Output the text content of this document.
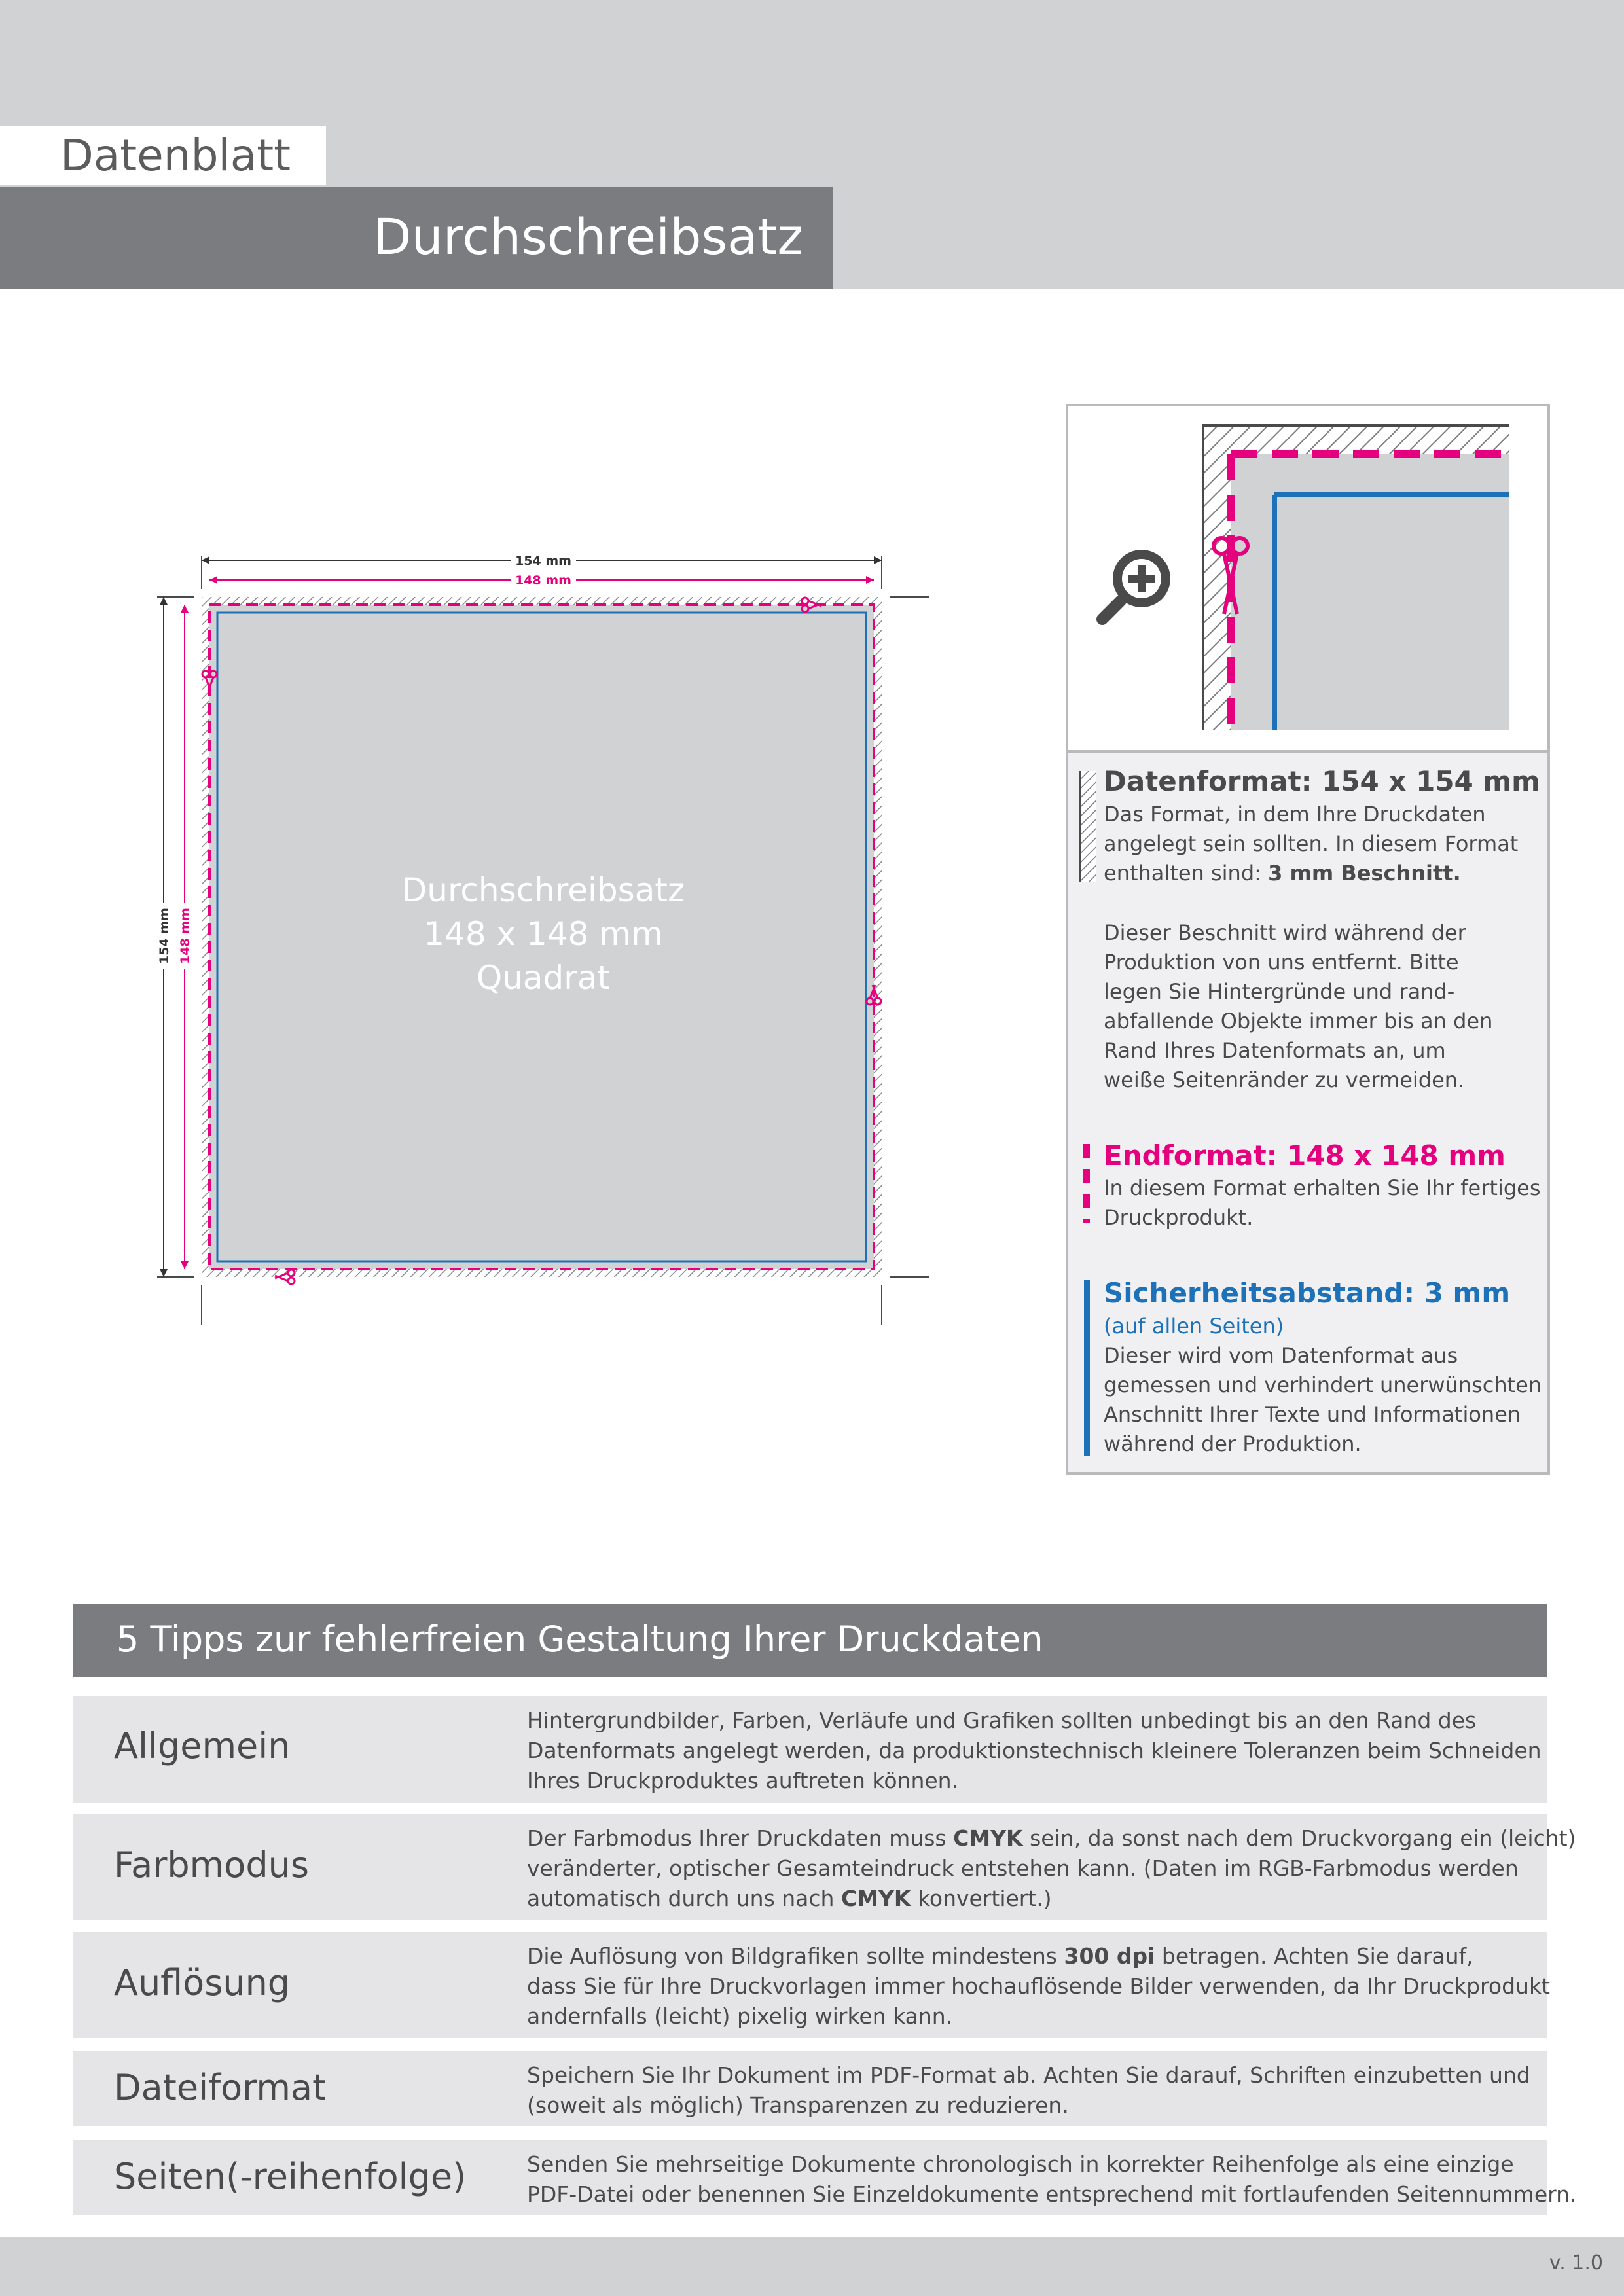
Datenblatt
Durchschreibsatz
154 mm
148 mm
154 mm 148 mm
Durchschreibsatz
148 x 148 mm
Quadrat
Datenformat: 154 x 154 mm
Das Format, in dem Ihre Druckdaten
angelegt sein sollten. In diesem Format
enthalten sind: 3 mm Beschnitt.
Dieser Beschnitt wird während der
Produktion von uns entfernt. Bitte
legen Sie Hintergründe und rand-
abfallende Objekte immer bis an den
Rand Ihres Datenformats an, um
weiße Seitenränder zu vermeiden.
Endformat: 148 x 148 mm
In diesem Format erhalten Sie Ihr fertiges
Druckprodukt.
Sicherheitsabstand: 3 mm
(auf allen Seiten)
Dieser wird vom Datenformat aus
gemessen und verhindert unerwünschten
Anschnitt Ihrer Texte und Informationen
während der Produktion.
5 Tipps zur fehlerfreien Gestaltung Ihrer Druckdaten
Allgemein
Hintergrundbilder, Farben, Verläufe und Grafiken sollten unbedingt bis an den Rand des
Datenformats angelegt werden, da produktionstechnisch kleinere Toleranzen beim Schneiden
Ihres Druckproduktes auftreten können.
Farbmodus
Der Farbmodus Ihrer Druckdaten muss CMYK sein, da sonst nach dem Druckvorgang ein (leicht)
veränderter, optischer Gesamteindruck entstehen kann. (Daten im RGB-Farbmodus werden
automatisch durch uns nach CMYK konvertiert.)
Auflösung
Die Auflösung von Bildgrafiken sollte mindestens 300 dpi betragen. Achten Sie darauf,
dass Sie für Ihre Druckvorlagen immer hochauflösende Bilder verwenden, da Ihr Druckprodukt
andernfalls (leicht) pixelig wirken kann.
Dateiformat	Speichern Sie Ihr Dokument im PDF-Format ab. Achten Sie darauf, Schriften einzubetten und
(soweit als möglich) Transparenzen zu reduzieren.
Seiten(-reihenfolge)	Senden Sie mehrseitige Dokumente chronologisch in korrekter Reihenfolge als eine einzige
PDF-Datei oder benennen Sie Einzeldokumente entsprechend mit fortlaufenden Seitennummern.
v. 1.0
